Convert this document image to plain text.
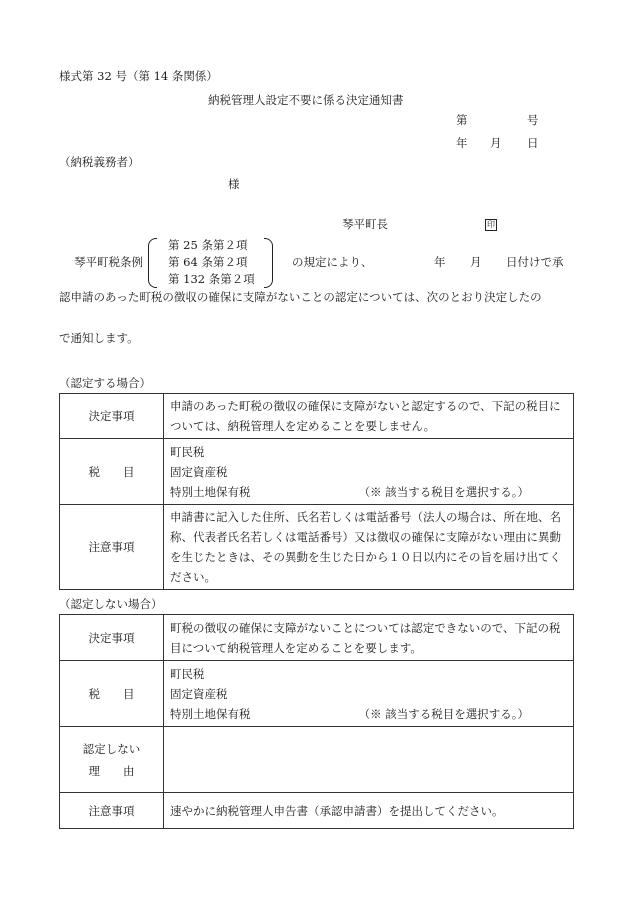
様式第 32 号（第 14 条関係）
納税管理人設定不要に係る決定通知書
第	号
年 月 日
（納税義務者）
様
琴平町長	印
琴平町税条例
第 25 条第２項
第 64 条第２項
第 132 条第２項
の規定により、	年 月 日付けで承
認申請のあった町税の徴収の確保に支障がないことの認定については、次のとおり決定したの
で通知します。
（認定する場合）
決定事項	申請のあった町税の徴収の確保に支障がないと認定するので、下記の税目に
ついては、納税管理人を定めることを要しません。

税　　目	町民税
固定資産税
特別土地保有税 （※ 該当する税目を選択する。）

注意事項	申請書に記入した住所、氏名若しくは電話番号（法人の場合は、所在地、名
称、代表者氏名若しくは電話番号）又は徴収の確保に支障がない理由に異動
を生じたときは、その異動を生じた日から１０日以内にその旨を届け出てく
ださい。
（認定しない場合）
決定事項	町税の徴収の確保に支障がないことについては認定できないので、下記の税
目について納税管理人を定めることを要します。

税　　目	町民税
固定資産税
特別土地保有税 （※ 該当する税目を選択する。）

認定しない
理　　由	

注意事項	速やかに納税管理人申告書（承認申請書）を提出してください。
